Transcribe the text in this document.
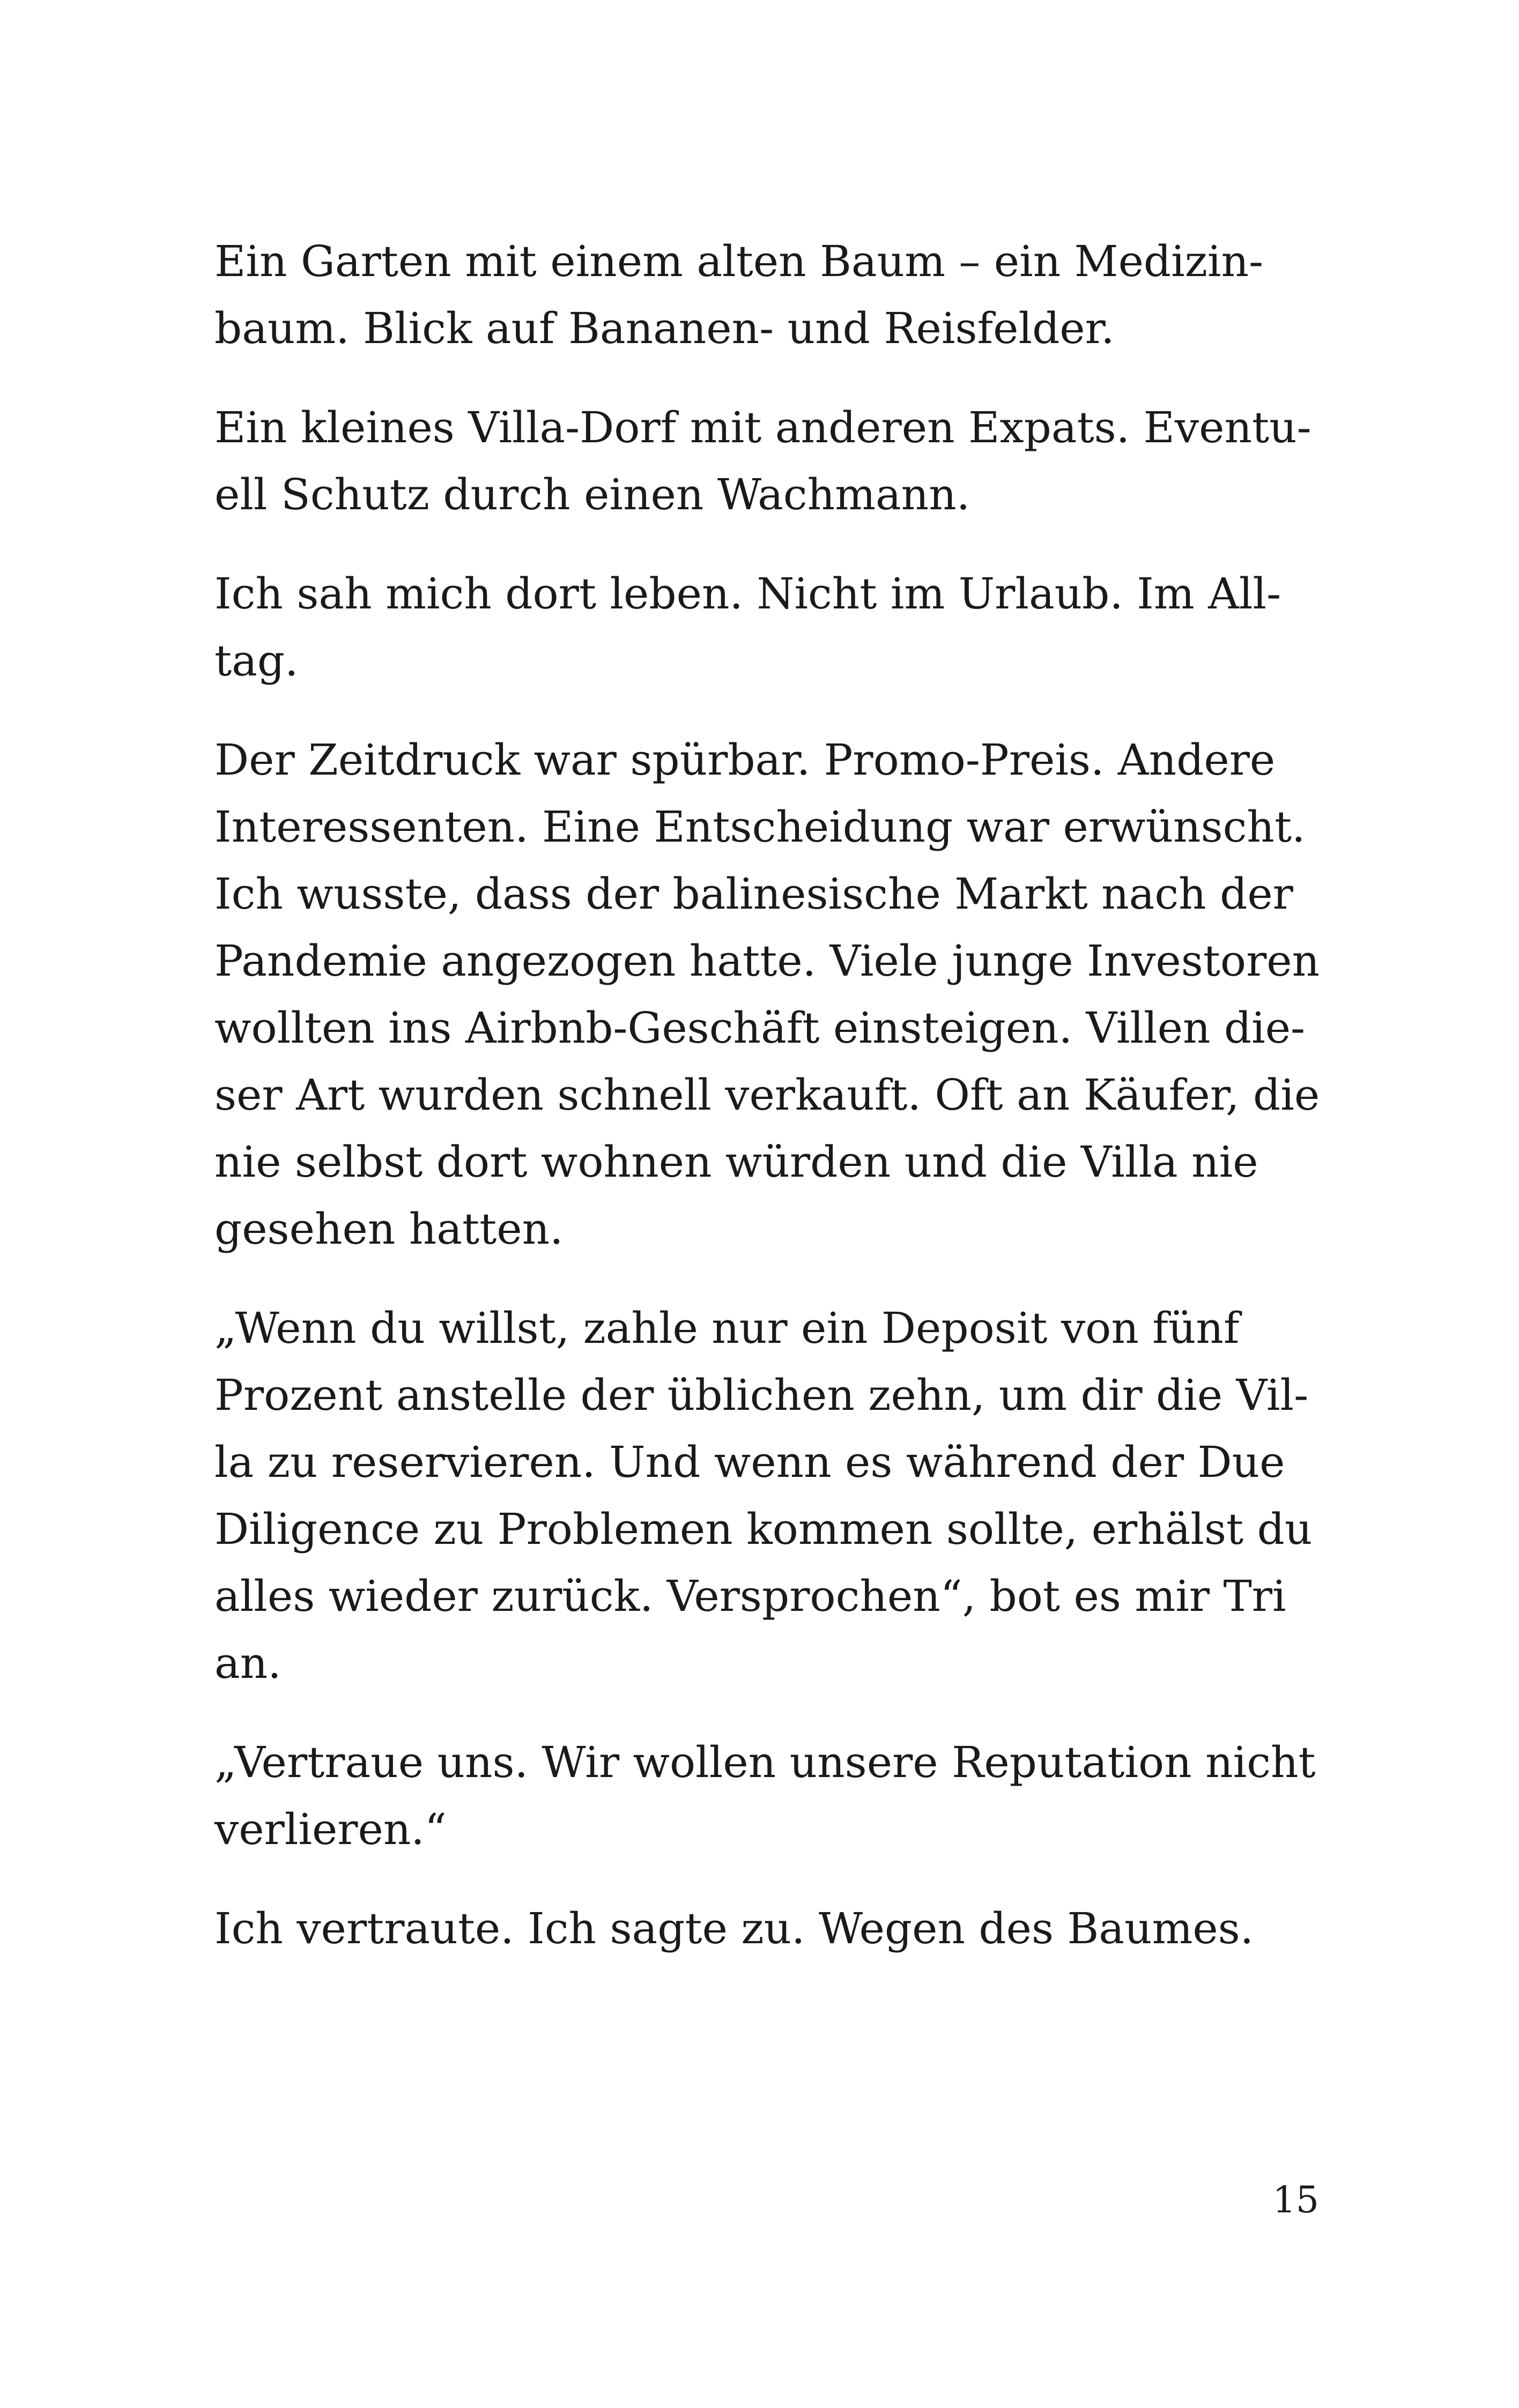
Ein Garten mit einem alten Baum – ein Medizin-
baum. Blick auf Bananen- und Reisfelder.

Ein kleines Villa-Dorf mit anderen Expats. Eventu-
ell Schutz durch einen Wachmann.

Ich sah mich dort leben. Nicht im Urlaub. Im All-
tag.

Der Zeitdruck war spürbar. Promo-Preis. Andere
Interessenten. Eine Entscheidung war erwünscht.
Ich wusste, dass der balinesische Markt nach der
Pandemie angezogen hatte. Viele junge Investoren
wollten ins Airbnb-Geschäft einsteigen. Villen die-
ser Art wurden schnell verkauft. Oft an Käufer, die
nie selbst dort wohnen würden und die Villa nie
gesehen hatten.

„Wenn du willst, zahle nur ein Deposit von fünf
Prozent anstelle der üblichen zehn, um dir die Vil-
la zu reservieren. Und wenn es während der Due
Diligence zu Problemen kommen sollte, erhälst du
alles wieder zurück. Versprochen“, bot es mir Tri
an.

„Vertraue uns. Wir wollen unsere Reputation nicht
verlieren.“

Ich vertraute. Ich sagte zu. Wegen des Baumes.

15
